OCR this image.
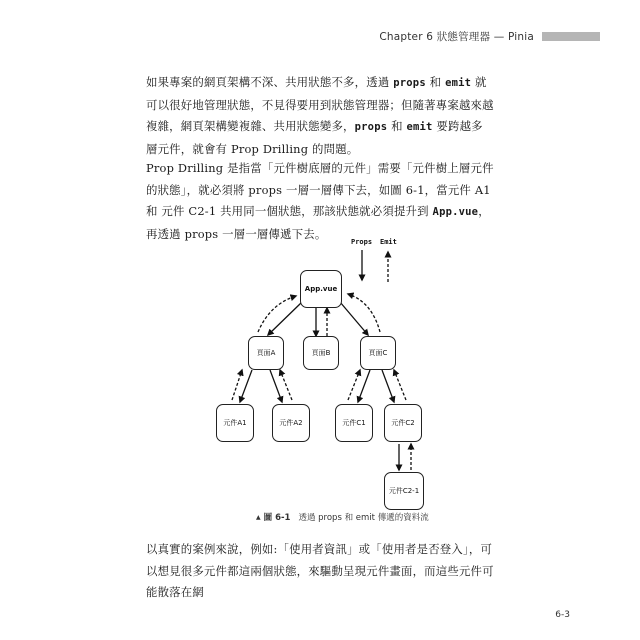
Chapter 6 狀態管理器 — Pinia

如果專案的網頁架構不深、共用狀態不多，透過 props 和 emit 就可以很好地管理狀態，不見得要用到狀態管理器；但隨著專案越來越複雜，網頁架構變複雜、共用狀態變多，props 和 emit 要跨越多層元件，就會有 Prop Drilling 的問題。

Prop Drilling 是指當「元件樹底層的元件」需要「元件樹上層元件的狀態」，就必須將 props 一層一層傳下去，如圖 6-1，當元件 A1 和 元件 C2-1 共用同一個狀態，那該狀態就必須提升到 App.vue，再透過 props 一層一層傳遞下去。

Props Emit
App.vue
頁面A	頁面B	頁面C
元件A1	元件A2	元件C1	元件C2
元件C2-1
▲ 圖 6-1 透過 props 和 emit 傳遞的資料流

以真實的案例來說，例如:「使用者資訊」或「使用者是否登入」，可以想見很多元件都這兩個狀態，來驅動呈現元件畫面，而這些元件可能散落在網

6-3
